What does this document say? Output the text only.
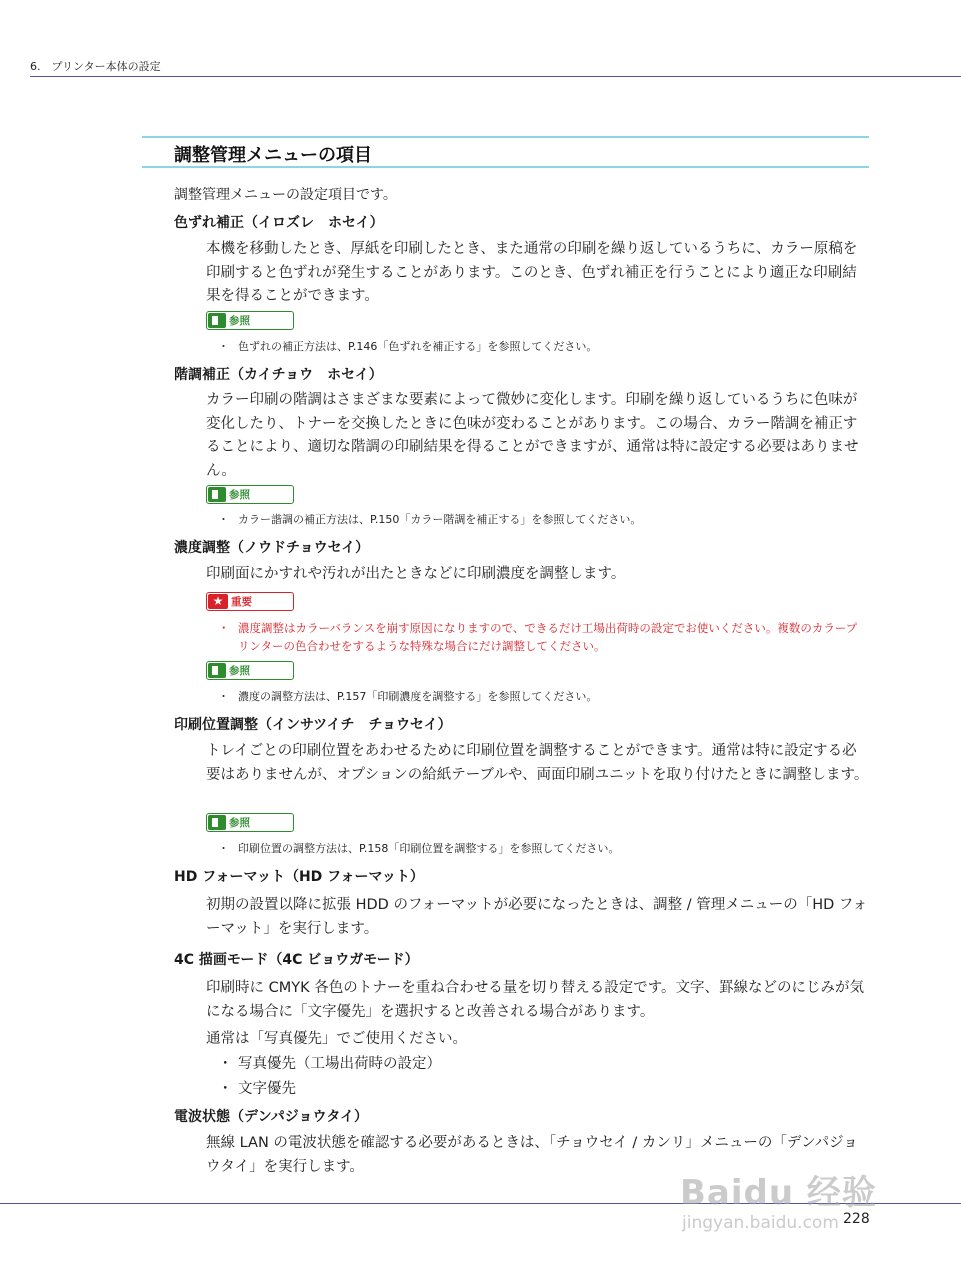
6.　プリンター本体の設定
調整管理メニューの項目
調整管理メニューの設定項目です。
色ずれ補正（イロズレ　ホセイ）
本機を移動したとき、厚紙を印刷したとき、また通常の印刷を繰り返しているうちに、カラー原稿を印刷すると色ずれが発生することがあります。このとき、色ずれ補正を行うことにより適正な印刷結果を得ることができます。
参照
・ 色ずれの補正方法は、P.146「色ずれを補正する」を参照してください。
階調補正（カイチョウ　ホセイ）
カラー印刷の階調はさまざまな要素によって微妙に変化します。印刷を繰り返しているうちに色味が変化したり、トナーを交換したときに色味が変わることがあります。この場合、カラー階調を補正することにより、適切な階調の印刷結果を得ることができますが、通常は特に設定する必要はありません。
参照
・ カラー諧調の補正方法は、P.150「カラー階調を補正する」を参照してください。
濃度調整（ノウドチョウセイ）
印刷面にかすれや汚れが出たときなどに印刷濃度を調整します。
★ 重要
・ 濃度調整はカラーバランスを崩す原因になりますので、できるだけ工場出荷時の設定でお使いください。複数のカラープリンターの色合わせをするような特殊な場合にだけ調整してください。
参照
・ 濃度の調整方法は、P.157「印刷濃度を調整する」を参照してください。
印刷位置調整（インサツイチ　チョウセイ）
トレイごとの印刷位置をあわせるために印刷位置を調整することができます。通常は特に設定する必要はありませんが、オプションの給紙テーブルや、両面印刷ユニットを取り付けたときに調整します。
参照
・ 印刷位置の調整方法は、P.158「印刷位置を調整する」を参照してください。
HD フォーマット（HD フォーマット）
初期の設置以降に拡張 HDD のフォーマットが必要になったときは、調整 / 管理メニューの「HD フォーマット」を実行します。
4C 描画モード（4C ビョウガモード）
印刷時に CMYK 各色のトナーを重ね合わせる量を切り替える設定です。文字、罫線などのにじみが気になる場合に「文字優先」を選択すると改善される場合があります。
通常は「写真優先」でご使用ください。
・ 写真優先（工場出荷時の設定）
・ 文字優先
電波状態（デンパジョウタイ）
無線 LAN の電波状態を確認する必要があるときは、「チョウセイ / カンリ」メニューの「デンパジョウタイ」を実行します。
228
Baidu 经验
jingyan.baidu.com
